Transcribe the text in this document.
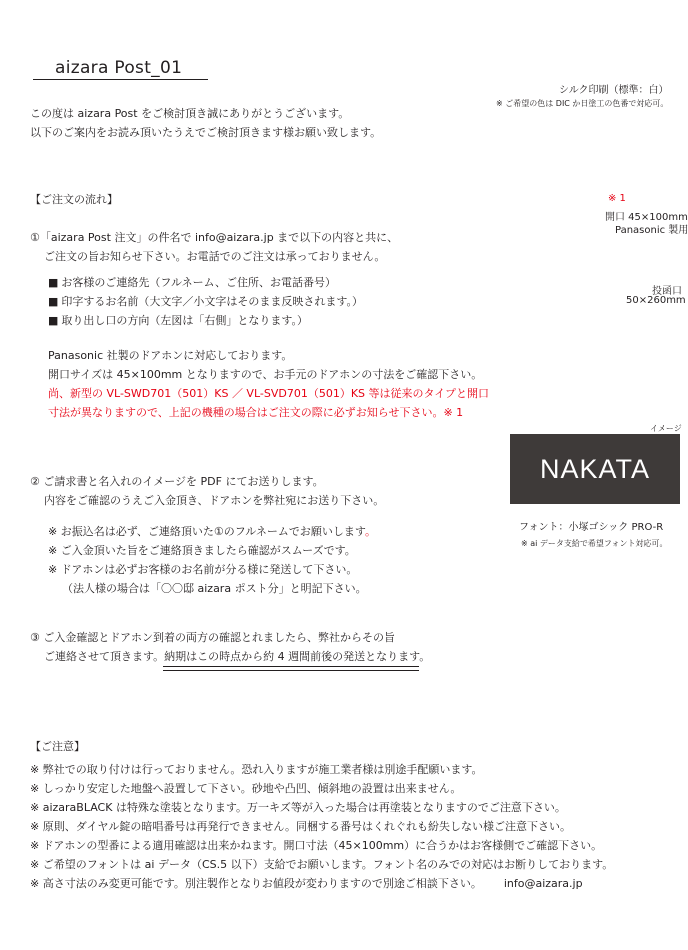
aizara Post_01
この度は aizara Post をご検討頂き誠にありがとうございます。
以下のご案内をお読み頂いたうえでご検討頂きます様お願い致します。
シルク印刷（標準：白）
※ ご希望の色は DIC か日塗工の色番で対応可。
※ 1
開口 45×100mm
Panasonic 製用
投函口
50×260mm
イメージ
NAKATA
フォント：小塚ゴシック PRO-R
※ ai データ支給で希望フォント対応可。
【ご注文の流れ】
①「aizara Post 注文」の件名で info@aizara.jp まで以下の内容と共に、
ご注文の旨お知らせ下さい。お電話でのご注文は承っておりません。
■ お客様のご連絡先（フルネーム、ご住所、お電話番号）
■ 印字するお名前（大文字／小文字はそのまま反映されます。）
■ 取り出し口の方向（左図は「右側」となります。）
Panasonic 社製のドアホンに対応しております。
開口サイズは 45×100mm となりますので、お手元のドアホンの寸法をご確認下さい。
尚、新型の VL-SWD701（501）KS ／ VL-SVD701（501）KS 等は従来のタイプと開口
寸法が異なりますので、上記の機種の場合はご注文の際に必ずお知らせ下さい。※ 1
② ご請求書と名入れのイメージを PDF にてお送りします。
内容をご確認のうえご入金頂き、ドアホンを弊社宛にお送り下さい。
※ お振込名は必ず、ご連絡頂いた①のフルネームでお願いします。
※ ご入金頂いた旨をご連絡頂きましたら確認がスムーズです。
※ ドアホンは必ずお客様のお名前が分る様に発送して下さい。
（法人様の場合は「〇〇邸 aizara ポスト分」と明記下さい。
③ ご入金確認とドアホン到着の両方の確認とれましたら、弊社からその旨
ご連絡させて頂きます。納期はこの時点から約 4 週間前後の発送となります。
【ご注意】
※ 弊社での取り付けは行っておりません。恐れ入りますが施工業者様は別途手配願います。
※ しっかり安定した地盤へ設置して下さい。砂地や凸凹、傾斜地の設置は出来ません。
※ aizaraBLACK は特殊な塗装となります。万一キズ等が入った場合は再塗装となりますのでご注意下さい。
※ 原則、ダイヤル錠の暗唱番号は再発行できません。同梱する番号はくれぐれも紛失しない様ご注意下さい。
※ ドアホンの型番による適用確認は出来かねます。開口寸法（45×100mm）に合うかはお客様側でご確認下さい。
※ ご希望のフォントは ai データ（CS.5 以下）支給でお願いします。フォント名のみでの対応はお断りしております。
※ 高さ寸法のみ変更可能です。別注製作となりお値段が変わりますので別途ご相談下さい。 info@aizara.jp
